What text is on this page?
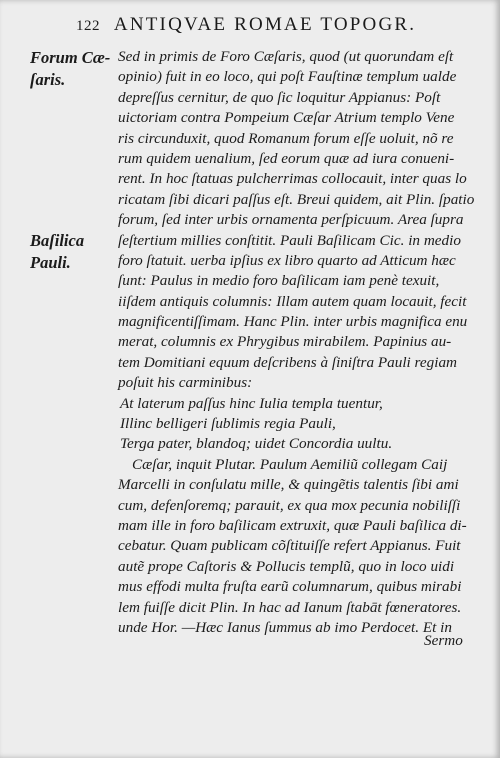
122 ANTIQVAE ROMAE TOPOGR.
Forum Cæ-
ſaris.
Baſilica
Pauli.
Sed in primis de Foro Cæſaris, quod (ut quorundam eſt
opinio) fuit in eo loco, qui poſt Fauſtinæ templum ualde
depreſſus cernitur, de quo ſic loquitur Appianus: Poſt
uictoriam contra Pompeium Cæſar Atrium templo Vene
ris circunduxit, quod Romanum forum eſſe uoluit, nõ re
rum quidem uenalium, ſed eorum quæ ad iura conueni-
rent. In hoc ſtatuas pulcherrimas collocauit, inter quas lo
ricatam ſibi dicari paſſus eſt. Breui quidem, ait Plin. ſpatio
forum, ſed inter urbis ornamenta perſpicuum. Area ſupra
ſeſtertium millies conſtitit. Pauli Baſilicam Cic. in medio
foro ſtatuit. uerba ipſius ex libro quarto ad Atticum hæc
ſunt: Paulus in medio foro baſilicam iam penè texuit,
iiſdem antiquis columnis: Illam autem quam locauit, fecit
magnificentiſſimam. Hanc Plin. inter urbis magnifica enu
merat, columnis ex Phrygibus mirabilem. Papinius au-
tem Domitiani equum deſcribens à ſiniſtra Pauli regiam
poſuit his carminibus:
At laterum paſſus hinc Iulia templa tuentur,
Illinc belligeri ſublimis regia Pauli,
Terga pater, blandoq; uidet Concordia uultu.
Cæſar, inquit Plutar. Paulum Aemiliũ collegam Caij
Marcelli in conſulatu mille, & quingẽtis talentis ſibi ami
cum, defenſoremq; parauit, ex qua mox pecunia nobiliſſi
mam ille in foro baſilicam extruxit, quæ Pauli baſilica di-
cebatur. Quam publicam cõſtituiſſe refert Appianus. Fuit
autẽ prope Caſtoris & Pollucis templũ, quo in loco uidi
mus effodi multa fruſta earũ columnarum, quibus mirabi
lem fuiſſe dicit Plin. In hac ad Ianum ſtabāt fœneratores.
unde Hor. —Hæc Ianus ſummus ab imo Perdocet. Et in
Sermo
